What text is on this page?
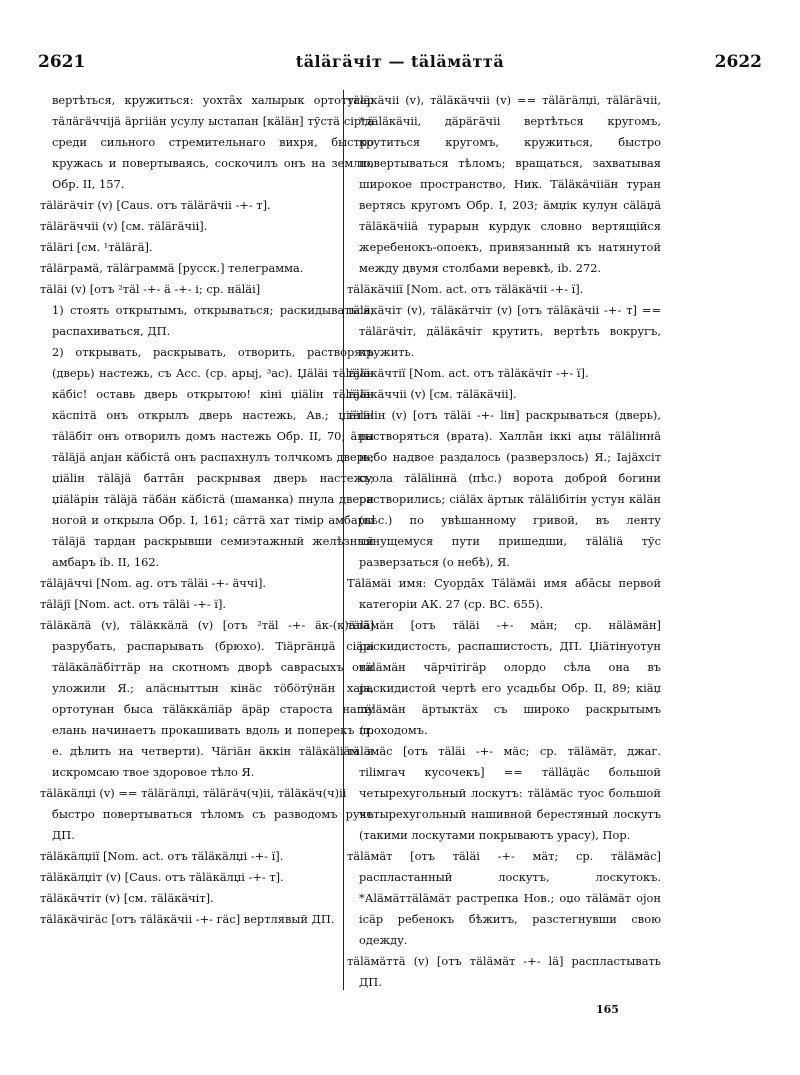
2621	täläгäчіт — täläмäттä	2622

вертѣться, кружиться: уохтāх халырык ортотугар тäлäгäччijä äргiiäн усулу ыстапан [кäläн] тўстä сiргä среди сильного стремительнаго вихря, быстро кружась и повертываясь, соскочилъ онъ на землю, Обр. II, 157.

тäläгäчiт (v) [Caus. отъ тäläгäчii -+- т].

тäläгäччii (v) [см. тäläгäчii].

тäläгi [см. ¹тäläгä].

тäläграмä, тäläграммä [русск.] телеграмма.

тäläi (v) [отъ ²тäl -+- ä -+- i; ср. нäläi]

1) стоять открытымъ, открываться; раскидываться, распахиваться, ДП.

2) открывать, раскрывать, отворить, растворять (дверь) настежь, съ Acc. (ср. арыј, ³ac). Џäläi тäläjäн кäбiс! оставь дверь открытою! кiнi џiäliн тäläjäн кäспiтä онъ открылъ дверь настежь, Ав.; џiäтiн тäläбiт онъ отворилъ домъ настежь Обр. II, 70; äны тäläjä аnjaн кäбiстä онъ распахнулъ толчкомъ дверь; џiäliн тäläjä баттāн раскрывая дверь настежь; џiäläрiн тäläjä тäбäн кäбiстä (шаманка) пнула двери ногой и открыла Обр. I, 161; сäттä хат тiмiр амбары тäläjä тардан раскрывши семиэтажный желѣзный амбаръ ib. II, 162.

тäläjäччi [Nom. ag. отъ тäläi -+- äччi].

тäläjï [Nom. act. отъ тäläi -+- ї].

тäläкäлä (v), тäläккäлä (v) [отъ ²тäl -+- äк-(к)äлä] разрубать, распарывать (брюхо). Тiäргäнџä сiäрi тäläкäлäбiттäр на скотномъ дворѣ саврасыхъ они уложили Я.; алäсныттын кiнäс тöбöтÿнäн хаjа, ортотунан быса тäläккäлiäр äрäр староста нашу елань начинаетъ прокашивать вдоль и поперекъ (т. е. дѣлить на четверти). Чäгiäн äккiн тäläкäliäм я искромсаю твое здоровое тѣло Я.

тäläкäлџi (v) == тäläгäлџi, тäläгäч(ч)ii, тäläкäч(ч)ii

быстро повертываться тѣломъ съ разводомъ рукъ ДП.

тäläкäлџiї [Nom. act. отъ тäläкäлџi -+- ї].

тäläкäлџiт (v) [Caus. отъ тäläкäлџi -+- т].

тäläкäчтiт (v) [см. тäläкäчiт].

тäläкäчiгäс [отъ тäläкäчii -+- гäс] вертлявый ДП.

тäläкäчii (v), тäläкäччii (v) == тäläгäлџi, тäläгäчii, *дäläкäчii, дäрäгäчii вертѣться кругомъ, крутиться кругомъ, кружиться, быстро повертываться тѣломъ; вращаться, захватывая широкое пространство, Ник. Тäläкäчiiäн туран вертясь кругомъ Обр. I, 203; äмџiк кулун сäläџä тäläкäчiiä турарын курдук словно вертящійся жеребенокъ-опоекъ, привязанный къ натянутой между двумя столбами веревкѣ, ib. 272.

тäläкäчiiї [Nom. act. отъ тäläкäчii -+- ї].

тäläкäчiт (v), тäläкäтчiт (v) [отъ тäläкäчii -+- т] == тäläгäчiт, дäläкäчiт крутить, вертѣть вокругъ, кружить.

тäläкäчтiї [Nom. act. отъ тäläкäчiт -+- ї].

тäläкäччii (v) [см. тäläкäчii].

тäläliн (v) [отъ тäläi -+- liн] раскрываться (дверь), растворяться (врата). Халлāн iккi аџы тäläliннä небо надвое раздалось (разверзлось) Я.; Iajäхсiт суола тäläliннä (пѣс.) ворота доброй богини растворились; сiäläх äртык тäläliбiтiн устун кäläн (пѣс.) по увѣшанному гривой, въ ленту тянущемуся пути пришедши, тäläliä тўс разверзаться (о небѣ), Я.

Тäläмäi имя: Суордāх Тäläмäi имя абāсы первой категоріи АК. 27 (ср. ВС. 655).

тäläмäн [отъ тäläi -+- мäн; ср. нäläмäн] раскидистость, распашистость, ДП. Џiäтiнуотун тäläмäн чäрчiтiгäр олордо сѣла она въ раскидистой чертѣ его усадьбы Обр. II, 89; кiäџ тäläмäн äртыктäх съ широко раскрытымъ проходомъ.

тäläмäс [отъ тäläi -+- мäс; ср. тäläмäт, джаг. тiliмгач кусочекъ] == тälläџäс большой четырехугольный лоскутъ: тäläмäс туос большой четырехугольный нашивной берестяный лоскутъ (такими лоскутами покрываютъ урасу), Пор.

тäläмäт [отъ тäläi -+- мäт; ср. тäläмäс] распластанный лоскутъ, лоскутокъ. *Аläмäттäläмäт растрепка Нов.; оџо тäläмäт оjон iсäр ребенокъ бѣжитъ, разстегнувши свою одежду.

тäläмäттä (v) [отъ тäläмäт -+- lä] распластывать ДП.

165
